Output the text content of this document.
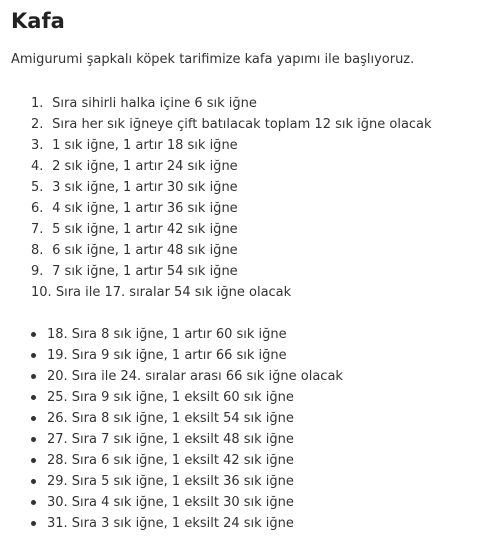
Kafa

Amigurumi şapkalı köpek tarifimize kafa yapımı ile başlıyoruz.

1. Sıra sihirli halka içine 6 sık iğne
2. Sıra her sık iğneye çift batılacak toplam 12 sık iğne olacak
3. 1 sık iğne, 1 artır 18 sık iğne
4. 2 sık iğne, 1 artır 24 sık iğne
5. 3 sık iğne, 1 artır 30 sık iğne
6. 4 sık iğne, 1 artır 36 sık iğne
7. 5 sık iğne, 1 artır 42 sık iğne
8. 6 sık iğne, 1 artır 48 sık iğne
9. 7 sık iğne, 1 artır 54 sık iğne
10. Sıra ile 17. sıralar 54 sık iğne olacak
18. Sıra 8 sık iğne, 1 artır 60 sık iğne
19. Sıra 9 sık iğne, 1 artır 66 sık iğne
20. Sıra ile 24. sıralar arası 66 sık iğne olacak
25. Sıra 9 sık iğne, 1 eksilt 60 sık iğne
26. Sıra 8 sık iğne, 1 eksilt 54 sık iğne
27. Sıra 7 sık iğne, 1 eksilt 48 sık iğne
28. Sıra 6 sık iğne, 1 eksilt 42 sık iğne
29. Sıra 5 sık iğne, 1 eksilt 36 sık iğne
30. Sıra 4 sık iğne, 1 eksilt 30 sık iğne
31. Sıra 3 sık iğne, 1 eksilt 24 sık iğne
